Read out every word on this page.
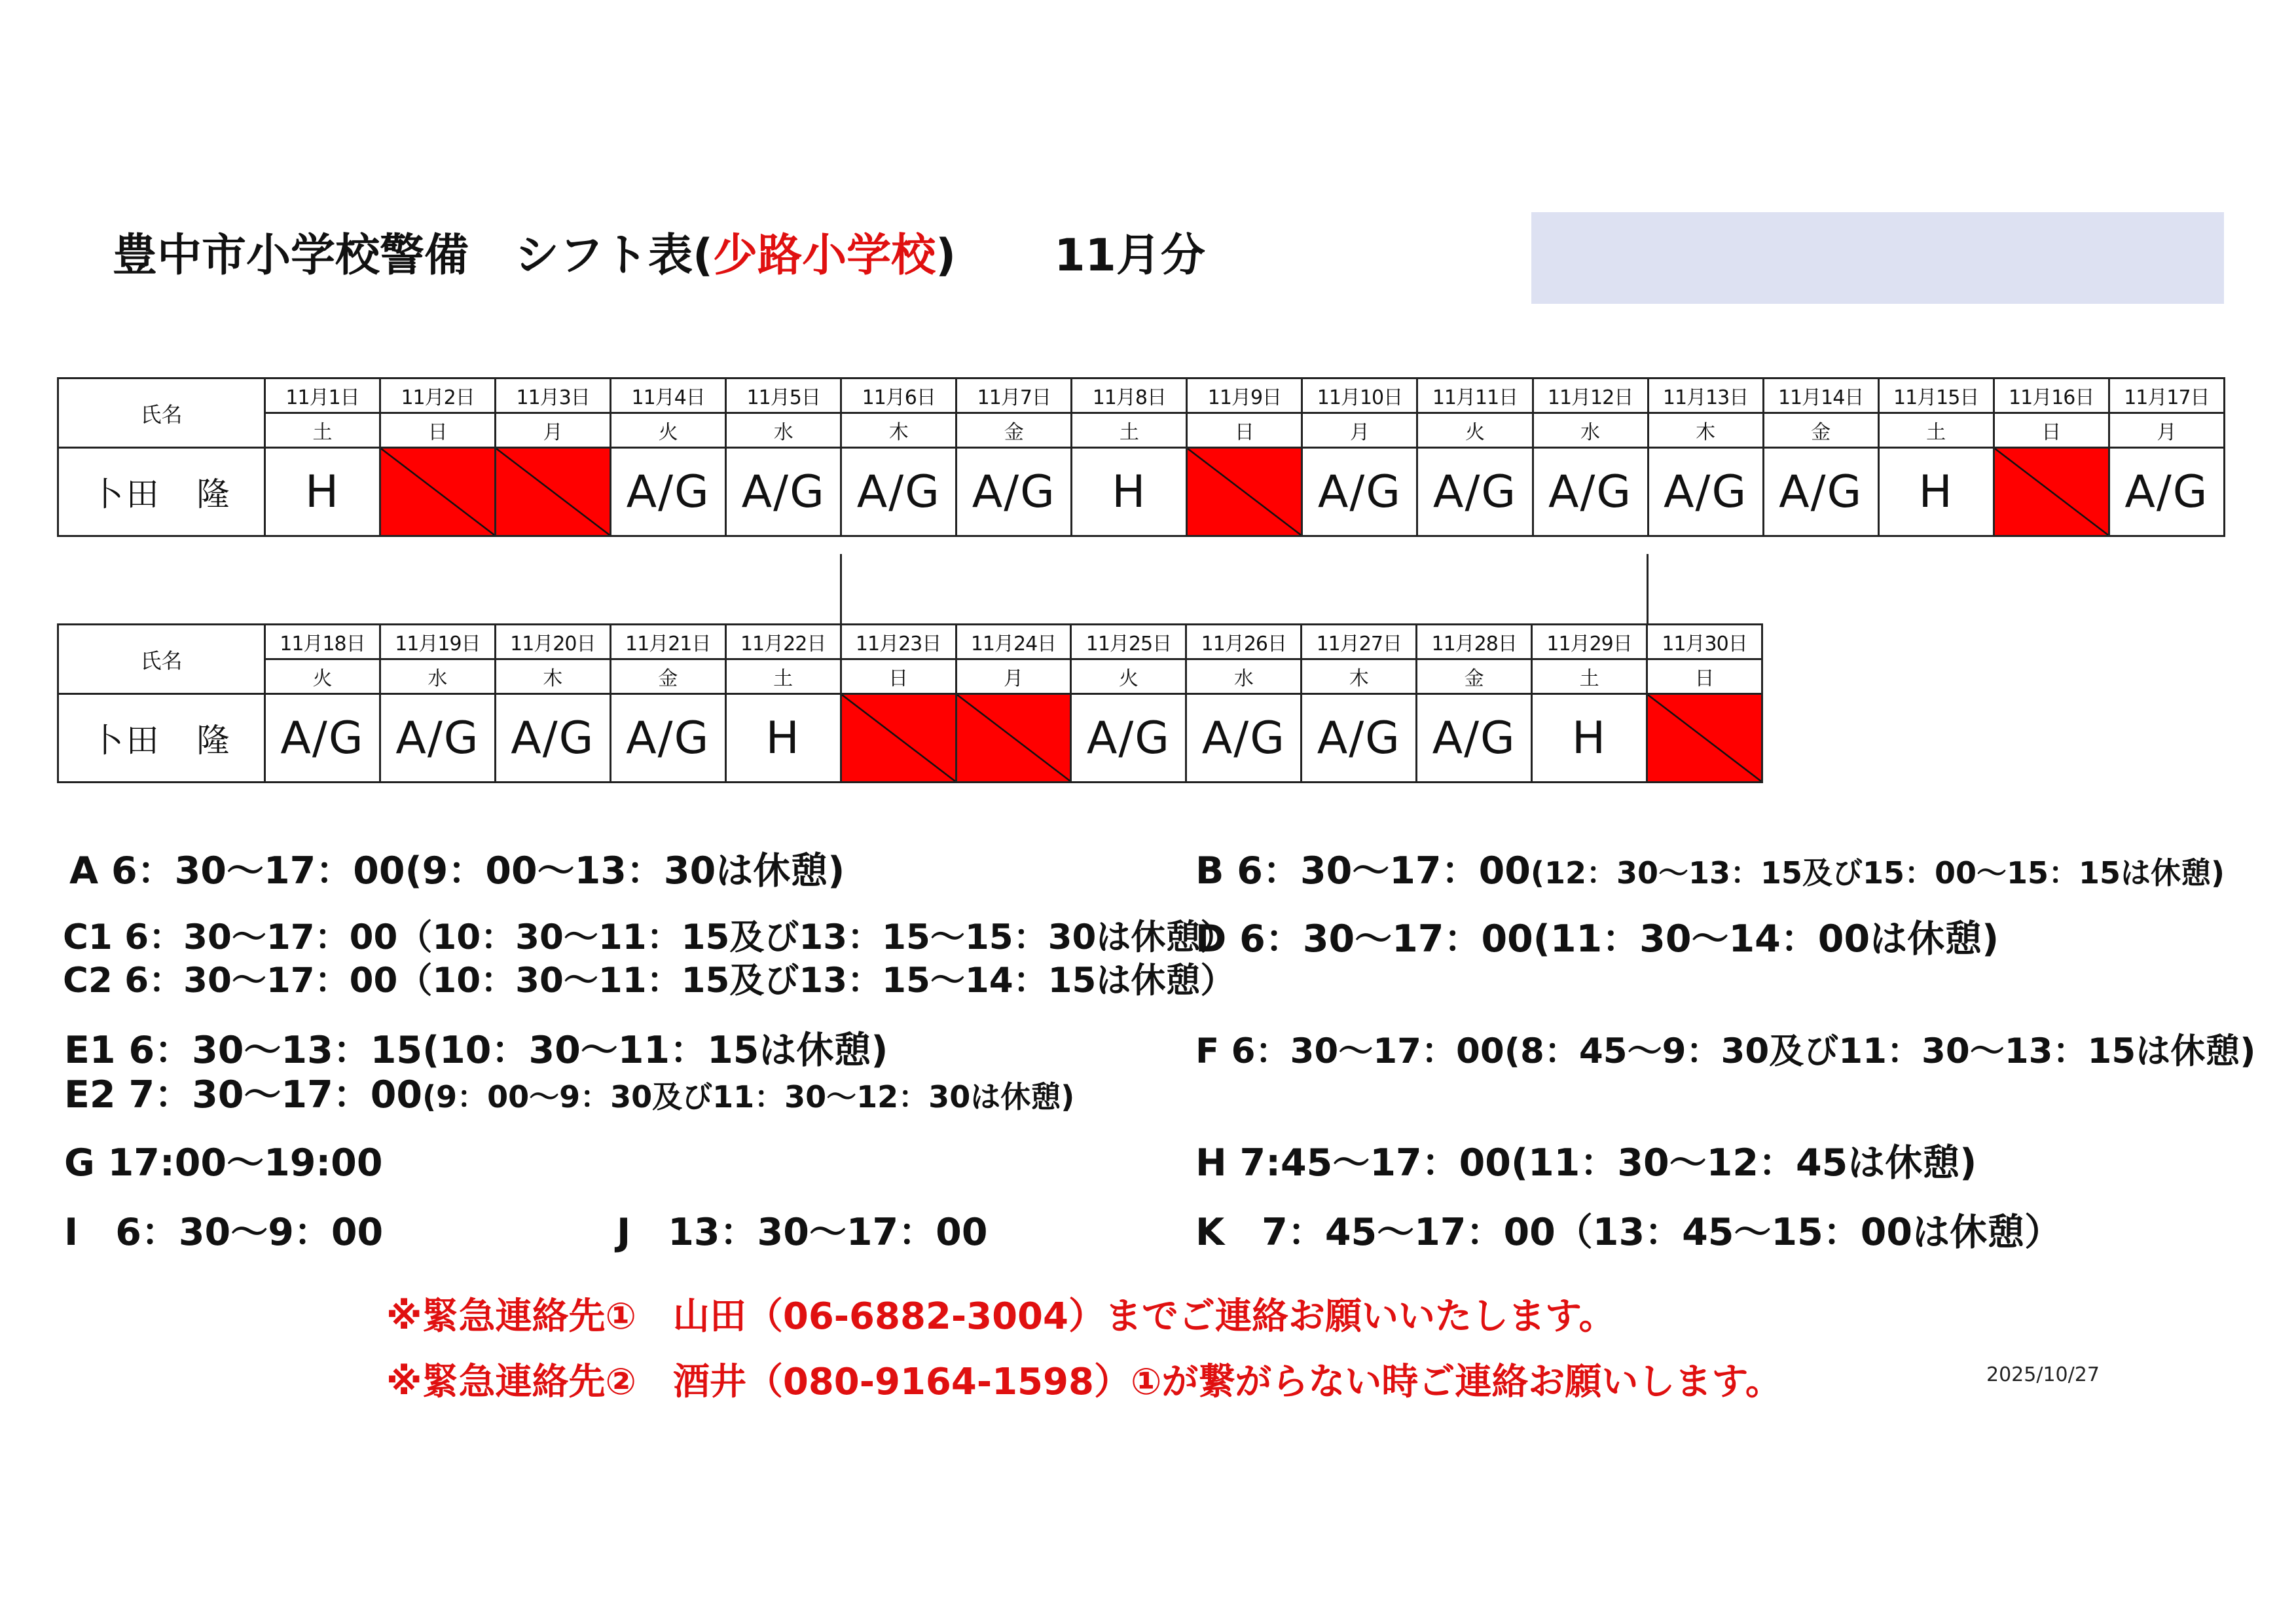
豊中市小学校警備 シフト表(少路小学校) 11月分
氏名	11月1日	11月2日	11月3日	11月4日	11月5日	11月6日	11月7日	11月8日	11月9日	11月10日	11月11日	11月12日	11月13日	11月14日	11月15日	11月16日	11月17日
	土	日	月	火	水	木	金	土	日	月	火	水	木	金	土	日	月
卜田　隆	H			A/G	A/G	A/G	A/G	H		A/G	A/G	A/G	A/G	A/G	H		A/G
氏名	11月18日	11月19日	11月20日	11月21日	11月22日	11月23日	11月24日	11月25日	11月26日	11月27日	11月28日	11月29日	11月30日
	火	水	木	金	土	日	月	火	水	木	金	土	日
卜田　隆	A/G	A/G	A/G	A/G	H			A/G	A/G	A/G	A/G	H	
A 6：30～17：00(9：00～13：30は休憩)	B 6：30～17：00(12：30～13：15及び15：00～15：15は休憩)
C1 6：30～17：00（10：30～11：15及び13：15～15：30は休憩）
C2 6：30～17：00（10：30～11：15及び13：15～14：15は休憩）
D 6：30～17：00(11：30～14：00は休憩)
E1 6：30～13：15(10：30～11：15は休憩)
E2 7：30～17：00(9：00～9：30及び11：30～12：30は休憩)
F 6：30～17：00(8：45～9：30及び11：30～13：15は休憩)
G 17:00～19:00	H 7:45～17：00(11：30～12：45は休憩)
I　6：30～9：00	J　13：30～17：00	K　7：45～17：00（13：45～15：00は休憩）
※緊急連絡先①　山田（06-6882-3004）までご連絡お願いいたします。
※緊急連絡先②　酒井（080-9164-1598）①が繋がらない時ご連絡お願いします。	2025/10/27
